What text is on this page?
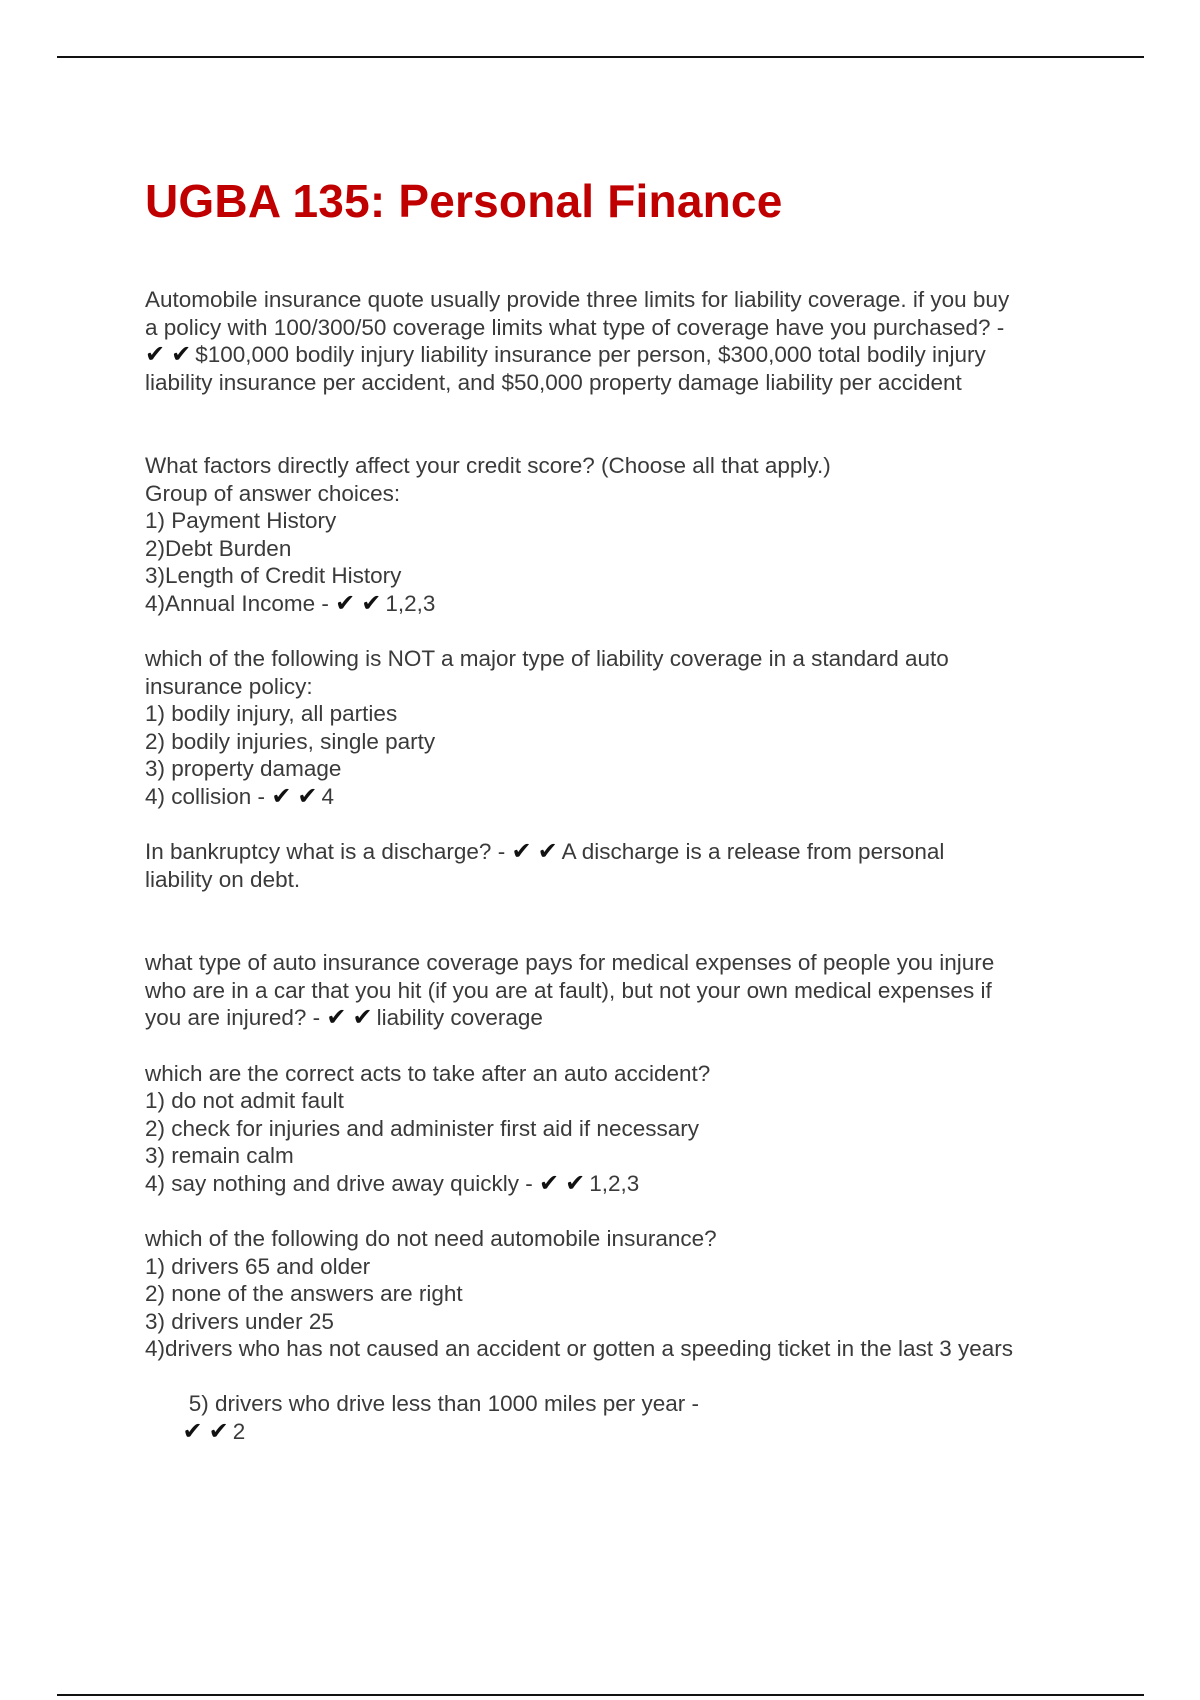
UGBA 135: Personal Finance
Automobile insurance quote usually provide three limits for liability coverage. if you buy
a policy with 100/300/50 coverage limits what type of coverage have you purchased? -
✔ ✔ $100,000 bodily injury liability insurance per person, $300,000 total bodily injury
liability insurance per accident, and $50,000 property damage liability per accident
What factors directly affect your credit score? (Choose all that apply.)
Group of answer choices:
1) Payment History
2)Debt Burden
3)Length of Credit History
4)Annual Income - ✔ ✔ 1,2,3
which of the following is NOT a major type of liability coverage in a standard auto
insurance policy:
1) bodily injury, all parties
2) bodily injuries, single party
3) property damage
4) collision - ✔ ✔ 4
In bankruptcy what is a discharge? - ✔ ✔ A discharge is a release from personal
liability on debt.
what type of auto insurance coverage pays for medical expenses of people you injure
who are in a car that you hit (if you are at fault), but not your own medical expenses if
you are injured? - ✔ ✔ liability coverage
which are the correct acts to take after an auto accident?
1) do not admit fault
2) check for injuries and administer first aid if necessary
3) remain calm
4) say nothing and drive away quickly - ✔ ✔ 1,2,3
which of the following do not need automobile insurance?
1) drivers 65 and older
2) none of the answers are right
3) drivers under 25
4)drivers who has not caused an accident or gotten a speeding ticket in the last 3 years

5) drivers who drive less than 1000 miles per year -
✔ ✔ 2
